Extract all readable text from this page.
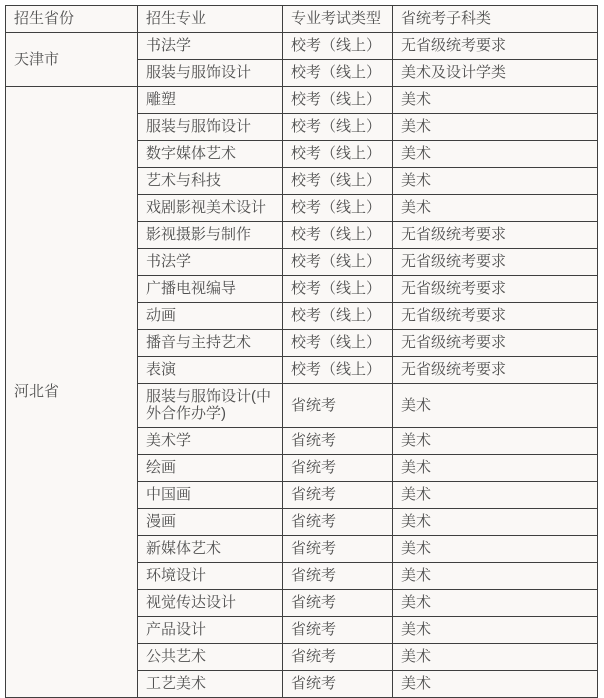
招生省份	招生专业	专业考试类型	省统考子科类
天津市	书法学	校考（线上）	无省级统考要求
	服装与服饰设计	校考（线上）	美术及设计学类
河北省	雕塑	校考（线上）	美术
	服装与服饰设计	校考（线上）	美术
	数字媒体艺术	校考（线上）	美术
	艺术与科技	校考（线上）	美术
	戏剧影视美术设计	校考（线上）	美术
	影视摄影与制作	校考（线上）	无省级统考要求
	书法学	校考（线上）	无省级统考要求
	广播电视编导	校考（线上）	无省级统考要求
	动画	校考（线上）	无省级统考要求
	播音与主持艺术	校考（线上）	无省级统考要求
	表演	校考（线上）	无省级统考要求
	服装与服饰设计(中外合作办学)	省统考	美术
	美术学	省统考	美术
	绘画	省统考	美术
	中国画	省统考	美术
	漫画	省统考	美术
	新媒体艺术	省统考	美术
	环境设计	省统考	美术
	视觉传达设计	省统考	美术
	产品设计	省统考	美术
	公共艺术	省统考	美术
	工艺美术	省统考	美术
